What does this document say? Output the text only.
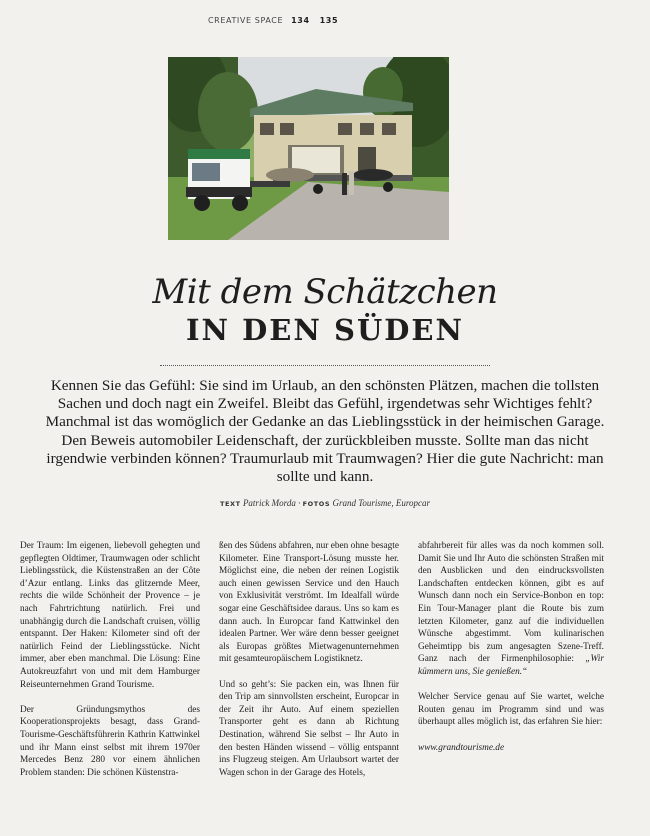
CREATIVE SPACE 134 135
Mit dem Schätzchen
IN DEN SÜDEN
Kennen Sie das Gefühl: Sie sind im Urlaub, an den schönsten Plätzen, machen die tollsten Sachen und doch nagt ein Zweifel. Bleibt das Gefühl, irgendetwas sehr Wichtiges fehlt? Manchmal ist das womöglich der Gedanke an das Lieblingsstück in der heimischen Garage. Den Beweis automobiler Leidenschaft, der zurückbleiben musste. Sollte man das nicht irgendwie verbinden können? Traumurlaub mit Traumwagen? Hier die gute Nachricht: man sollte und kann.
TEXT Patrick Morda · FOTOS Grand Tourisme, Europcar

Der Traum: Im eigenen, liebevoll gehegten und gepflegten Oldtimer, Traumwagen oder schlicht Lieblingsstück, die Küstenstraßen an der Côte d’Azur entlang. Links das glitzernde Meer, rechts die wilde Schönheit der Provence – je nach Fahrtrichtung natürlich. Frei und unabhängig durch die Landschaft cruisen, völlig entspannt. Der Haken: Kilometer sind oft der natürlich Feind der Lieblingsstücke. Nicht immer, aber eben manchmal. Die Lösung: Eine Autokreuzfahrt von und mit dem Hamburger Reiseunternehmen Grand Tourisme.

Der Gründungsmythos des Kooperationsprojekts besagt, dass Grand-Tourisme-Geschäftsführerin Kathrin Kattwinkel und ihr Mann einst selbst mit ihrem 1970er Mercedes Benz 280 vor einem ähnlichen Problem standen: Die schönen Küstenstra-

ßen des Südens abfahren, nur eben ohne besagte Kilometer. Eine Transport-Lösung musste her. Möglichst eine, die neben der reinen Logistik auch einen gewissen Service und den Hauch von Exklusivität verströmt. Im Idealfall würde sogar eine Geschäftsidee daraus. Uns so kam es dann auch. In Europcar fand Kattwinkel den idealen Partner. Wer wäre denn besser geeignet als Europas größtes Mietwagenunternehmen mit gesamteuropäischem Logistiknetz.

Und so geht’s: Sie packen ein, was Ihnen für den Trip am sinnvollsten erscheint, Europcar in der Zeit ihr Auto. Auf einem speziellen Transporter geht es dann ab Richtung Destination, während Sie selbst – Ihr Auto in den besten Händen wissend – völlig entspannt ins Flugzeug steigen. Am Urlaubsort wartet der Wagen schon in der Garage des Hotels,

abfahrbereit für alles was da noch kommen soll. Damit Sie und Ihr Auto die schönsten Straßen mit den Ausblicken und den eindrucksvollsten Landschaften entdecken können, gibt es auf Wunsch dann noch ein Service-Bonbon en top: Ein Tour-Manager plant die Route bis zum letzten Kilometer, ganz auf die individuellen Wünsche abgestimmt. Vom kulinarischen Geheimtipp bis zum angesagten Szene-Treff. Ganz nach der Firmenphilosophie: „Wir kümmern uns, Sie genießen.“

Welcher Service genau auf Sie wartet, welche Routen genau im Programm sind und was überhaupt alles möglich ist, das erfahren Sie hier:

www.grandtourisme.de
